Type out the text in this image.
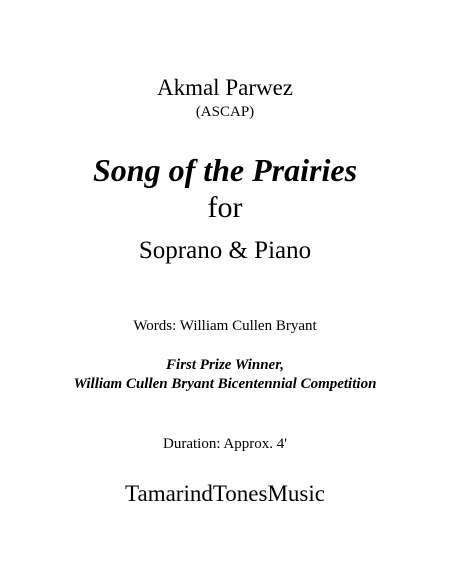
Akmal Parwez
(ASCAP)
Song of the Prairies
for
Soprano & Piano
Words: William Cullen Bryant
First Prize Winner,
William Cullen Bryant Bicentennial Competition
Duration: Approx. 4'
TamarindTonesMusic
